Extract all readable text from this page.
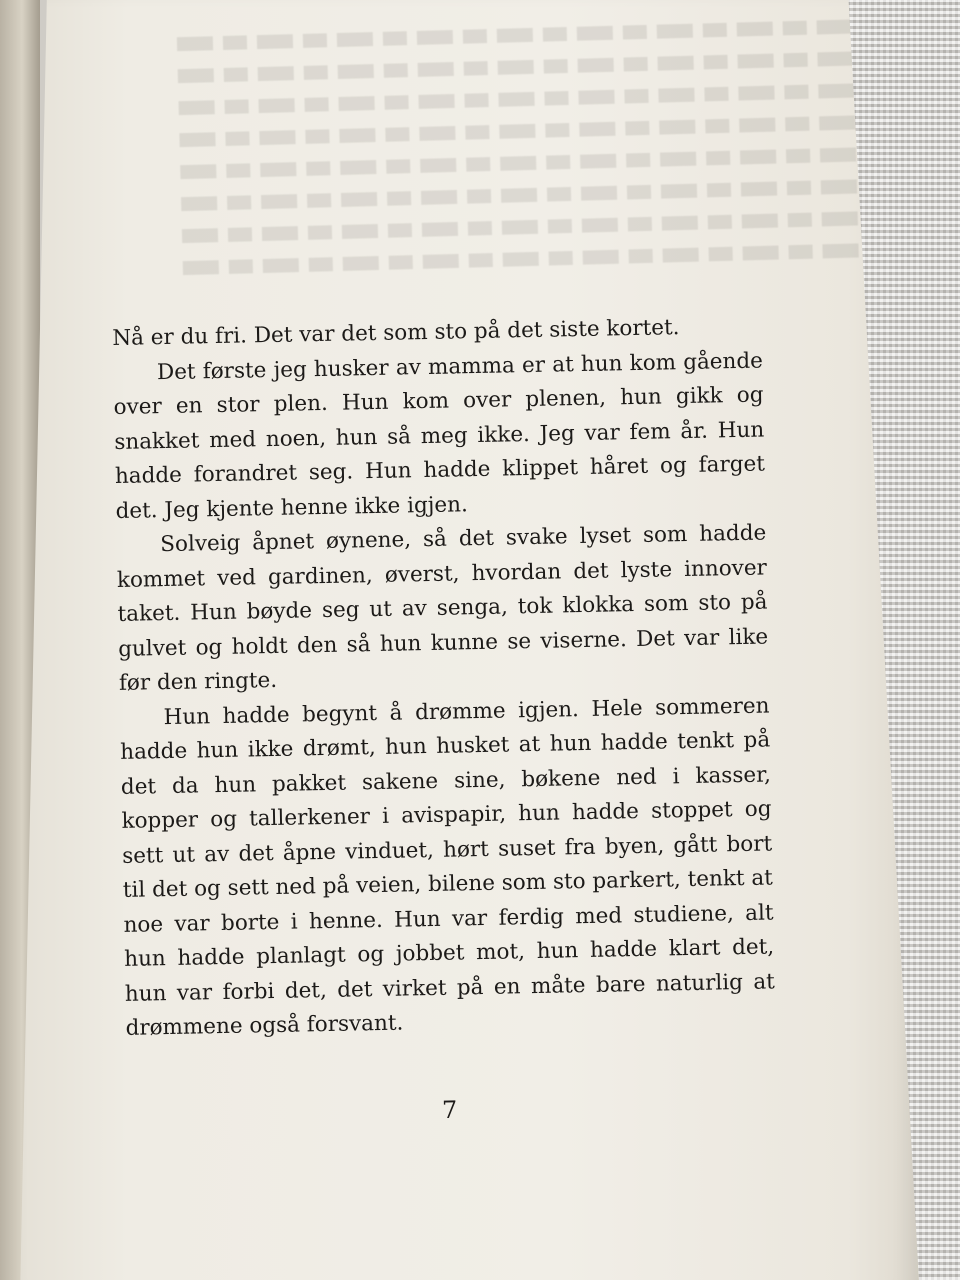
Nå er du fri. Det var det som sto på det siste kortet.

Det første jeg husker av mamma er at hun kom gående over en stor plen. Hun kom over plenen, hun gikk og snakket med noen, hun så meg ikke. Jeg var fem år. Hun hadde forandret seg. Hun hadde klippet håret og farget det. Jeg kjente henne ikke igjen.

Solveig åpnet øynene, så det svake lyset som hadde kommet ved gardinen, øverst, hvordan det lyste innover taket. Hun bøyde seg ut av senga, tok klokka som sto på gulvet og holdt den så hun kunne se viserne. Det var like før den ringte.

Hun hadde begynt å drømme igjen. Hele sommeren hadde hun ikke drømt, hun husket at hun hadde tenkt på det da hun pakket sakene sine, bøkene ned i kasser, kopper og tallerkener i avispapir, hun hadde stoppet og sett ut av det åpne vinduet, hørt suset fra byen, gått bort til det og sett ned på veien, bilene som sto parkert, tenkt at noe var borte i henne. Hun var ferdig med studiene, alt hun hadde planlagt og jobbet mot, hun hadde klart det, hun var forbi det, det virket på en måte bare naturlig at drømmene også forsvant.

7
